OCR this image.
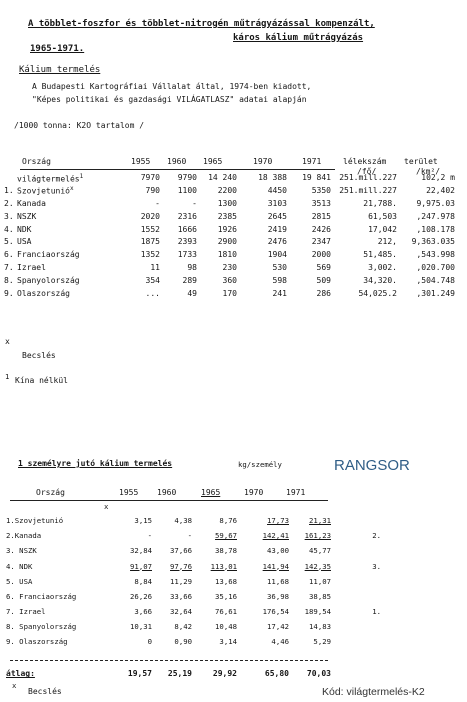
A többlet-foszfor és többlet-nitrogén műtrágyázással kompenzált,
káros kálium műtrágyázás
1965-1971.
Kálium termelés
A Budapesti Kartográfiai Vállalat által, 1974-ben kiadott,
"Képes politikai és gazdasági VILÁGATLASZ" adatai alapján
/1000 tonna: K2O tartalom /
Ország	1955 1960 1965	1970	1971	lélekszám terület
/fő/	/km²/
	világtermelés$^1$	7970	9790	14 240	18 388	19 841	251.mill.227	102,2 m
1.	Szovjetunió$^x$	790	1100	2200	4450	5350	251.mill.227	22,402
2.	Kanada	-	-	1300	3103	3513	21,788.	9,975.03
3.	NSZK	2020	2316	2385	2645	2815	61,503	,247.978
4.	NDK	1552	1666	1926	2419	2426	17,042	,108.178
5.	USA	1875	2393	2900	2476	2347	212,	9,363.035
6.	Franciaország	1352	1733	1810	1904	2000	51,485.	,543.998
7.	Izrael	11	98	230	530	569	3,002.	,020.700
8.	Spanyolország	354	289	360	598	509	34,320.	,504.748
9.	Olaszország	...	49	170	241	286	54,025.2	,301.249
x
Becslés
1 Kína nélkül
1 személyre jutó kálium termelés	kg/személy	RANGSOR
Ország	1955 1960	1965	1970	1971
x
1.Szovjetunió	3,15	4,38	8,76	17,73	21,31	
2.Kanada	-	-	59,67	142,41	161,23	2.
3. NSZK	32,84	37,66	38,78	43,00	45,77	
4. NDK	91,07	97,76	113,01	141,94	142,35	3.
5. USA	8,84	11,29	13,68	11,68	11,07	
6. Franciaország	26,26	33,66	35,16	36,98	38,85	
7. Izrael	3,66	32,64	76,61	176,54	189,54	1.
8. Spanyolország	10,31	8,42	10,48	17,42	14,83	
9. Olaszország	0	0,90	3,14	4,46	5,29	
átlag:	19,57	25,19	29,92	65,80	70,03
x
Becslés	Kód: világtermelés-K2
